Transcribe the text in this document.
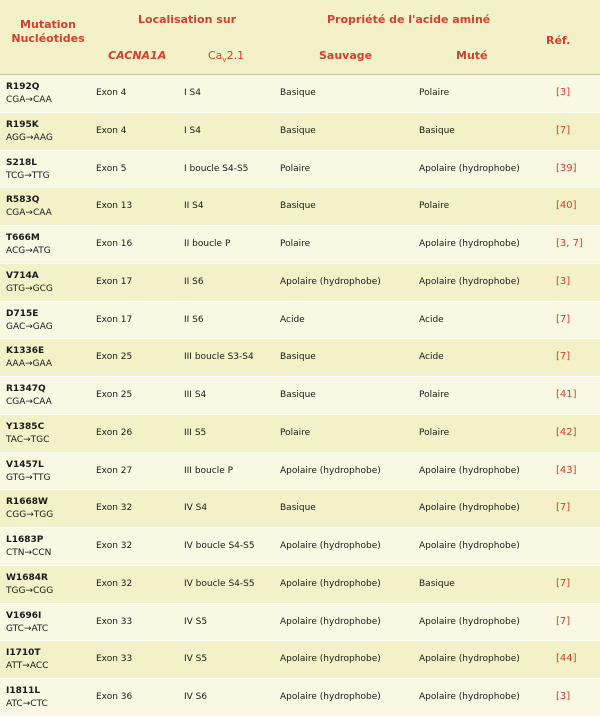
Mutation
Nucléotides
Localisation sur	Propriété de l'acide aminé
CACNA1A	$Ca_v2.1$	Sauvage	Muté
Réf.
R192Q
CGA→CAA
Exon 4	I S4	Basique	Polaire	[3]
R195K
AGG→AAG
Exon 4	I S4	Basique	Basique	[7]
S218L
TCG→TTG
Exon 5	I boucle S4-S5	Polaire	Apolaire (hydrophobe)	[39]
R583Q
CGA→CAA
Exon 13	II S4	Basique	Polaire	[40]
T666M
ACG→ATG
Exon 16	II boucle P	Polaire	Apolaire (hydrophobe)	[3, 7]
V714A
GTG→GCG
Exon 17	II S6	Apolaire (hydrophobe)	Apolaire (hydrophobe)	[3]
D715E
GAC→GAG
Exon 17	II S6	Acide	Acide	[7]
K1336E
AAA→GAA
Exon 25	III boucle S3-S4	Basique	Acide	[7]
R1347Q
CGA→CAA
Exon 25	III S4	Basique	Polaire	[41]
Y1385C
TAC→TGC
Exon 26	III S5	Polaire	Polaire	[42]
V1457L
GTG→TTG
Exon 27	III boucle P	Apolaire (hydrophobe)	Apolaire (hydrophobe)	[43]
R1668W
CGG→TGG
Exon 32	IV S4	Basique	Apolaire (hydrophobe)	[7]
L1683P
CTN→CCN
Exon 32	IV boucle S4-S5	Apolaire (hydrophobe)	Apolaire (hydrophobe)
W1684R
TGG→CGG
Exon 32	IV boucle S4-S5	Apolaire (hydrophobe)	Basique	[7]
V1696I
GTC→ATC
Exon 33	IV S5	Apolaire (hydrophobe)	Apolaire (hydrophobe)	[7]
I1710T
ATT→ACC
Exon 33	IV S5	Apolaire (hydrophobe)	Apolaire (hydrophobe)	[44]
I1811L
ATC→CTC
Exon 36	IV S6	Apolaire (hydrophobe)	Apolaire (hydrophobe)	[3]
